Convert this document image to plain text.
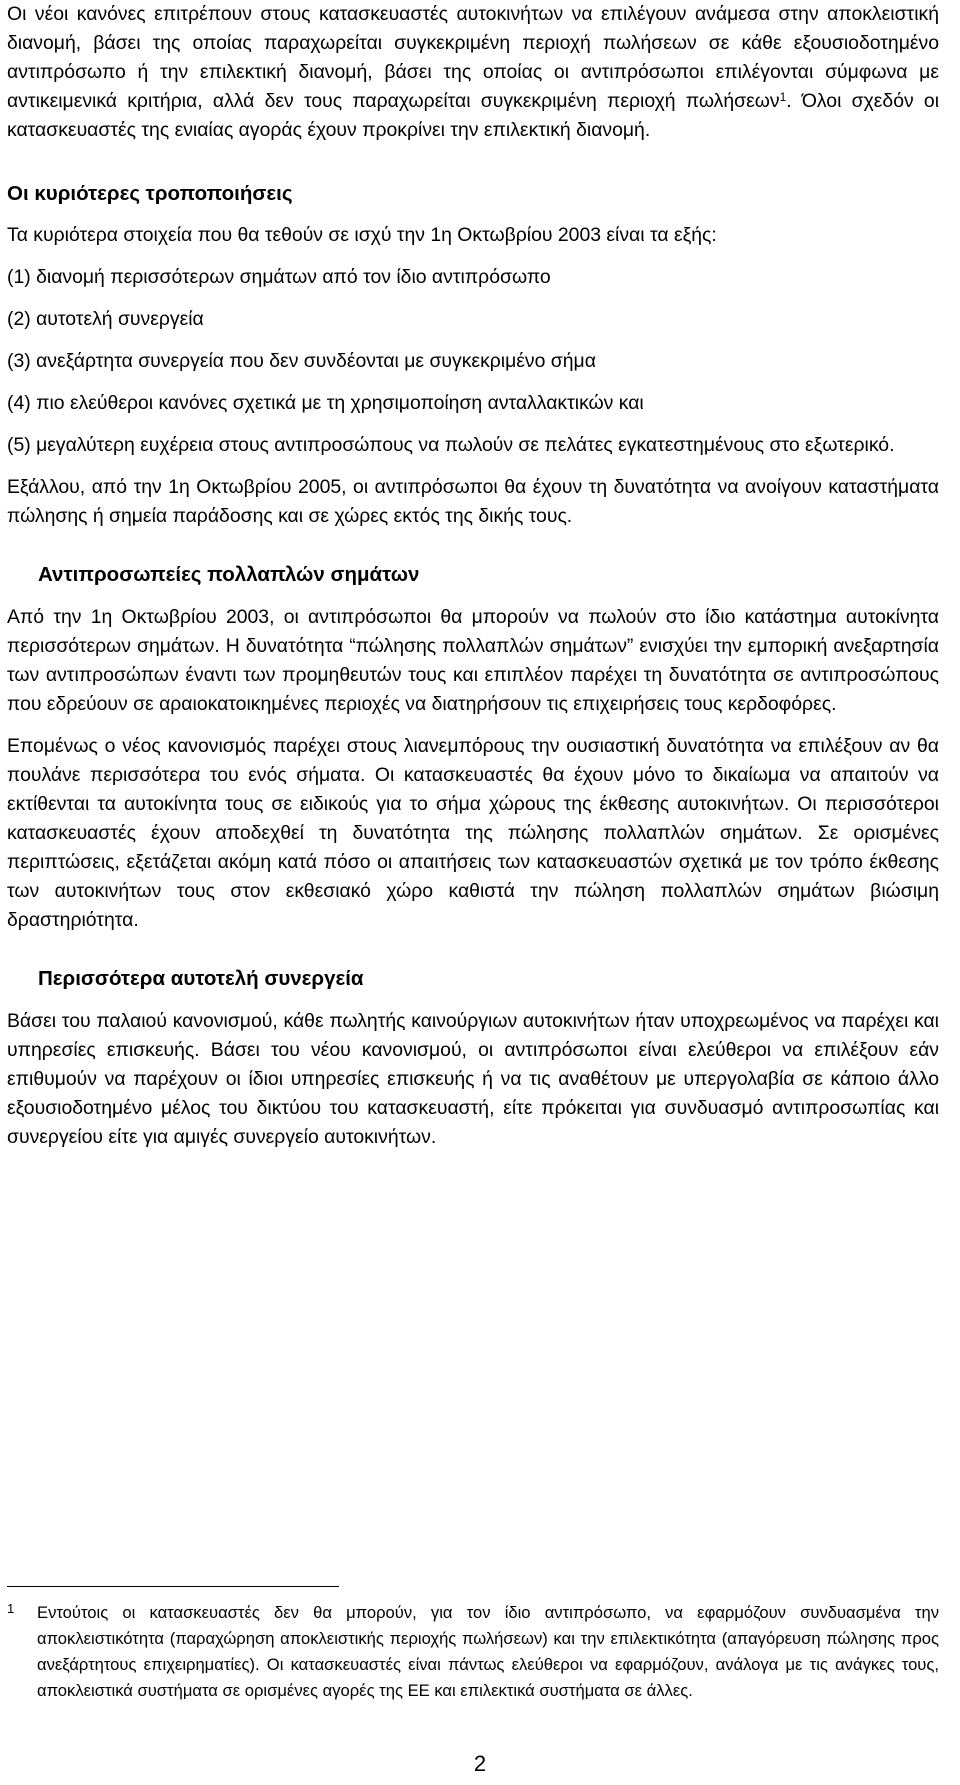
Οι νέοι κανόνες επιτρέπουν στους κατασκευαστές αυτοκινήτων να επιλέγουν ανάμεσα στην αποκλειστική διανομή, βάσει της οποίας παραχωρείται συγκεκριμένη περιοχή πωλήσεων σε κάθε εξουσιοδοτημένο αντιπρόσωπο ή την επιλεκτική διανομή, βάσει της οποίας οι αντιπρόσωποι επιλέγονται σύμφωνα με αντικειμενικά κριτήρια, αλλά δεν τους παραχωρείται συγκεκριμένη περιοχή πωλήσεων$^1$. Όλοι σχεδόν οι κατασκευαστές της ενιαίας αγοράς έχουν προκρίνει την επιλεκτική διανομή.

Οι κυριότερες τροποποιήσεις

Τα κυριότερα στοιχεία που θα τεθούν σε ισχύ την 1η Οκτωβρίου 2003 είναι τα εξής:

(1) διανομή περισσότερων σημάτων από τον ίδιο αντιπρόσωπο

(2) αυτοτελή συνεργεία

(3) ανεξάρτητα συνεργεία που δεν συνδέονται με συγκεκριμένο σήμα

(4) πιο ελεύθεροι κανόνες σχετικά με τη χρησιμοποίηση ανταλλακτικών και

(5) μεγαλύτερη ευχέρεια στους αντιπροσώπους να πωλούν σε πελάτες εγκατεστημένους στο εξωτερικό.

Εξάλλου, από την 1η Οκτωβρίου 2005, οι αντιπρόσωποι θα έχουν τη δυνατότητα να ανοίγουν καταστήματα πώλησης ή σημεία παράδοσης και σε χώρες εκτός της δικής τους.

Αντιπροσωπείες πολλαπλών σημάτων

Από την 1η Οκτωβρίου 2003, οι αντιπρόσωποι θα μπορούν να πωλούν στο ίδιο κατάστημα αυτοκίνητα περισσότερων σημάτων. Η δυνατότητα “πώλησης πολλαπλών σημάτων” ενισχύει την εμπορική ανεξαρτησία των αντιπροσώπων έναντι των προμηθευτών τους και επιπλέον παρέχει τη δυνατότητα σε αντιπροσώπους που εδρεύουν σε αραιοκατοικημένες περιοχές να διατηρήσουν τις επιχειρήσεις τους κερδοφόρες.

Επομένως ο νέος κανονισμός παρέχει στους λιανεμπόρους την ουσιαστική δυνατότητα να επιλέξουν αν θα πουλάνε περισσότερα του ενός σήματα. Οι κατασκευαστές θα έχουν μόνο το δικαίωμα να απαιτούν να εκτίθενται τα αυτοκίνητα τους σε ειδικούς για το σήμα χώρους της έκθεσης αυτοκινήτων. Οι περισσότεροι κατασκευαστές έχουν αποδεχθεί τη δυνατότητα της πώλησης πολλαπλών σημάτων. Σε ορισμένες περιπτώσεις, εξετάζεται ακόμη κατά πόσο οι απαιτήσεις των κατασκευαστών σχετικά με τον τρόπο έκθεσης των αυτοκινήτων τους στον εκθεσιακό χώρο καθιστά την πώληση πολλαπλών σημάτων βιώσιμη δραστηριότητα.

Περισσότερα αυτοτελή συνεργεία

Βάσει του παλαιού κανονισμού, κάθε πωλητής καινούργιων αυτοκινήτων ήταν υποχρεωμένος να παρέχει και υπηρεσίες επισκευής. Βάσει του νέου κανονισμού, οι αντιπρόσωποι είναι ελεύθεροι να επιλέξουν εάν επιθυμούν να παρέχουν οι ίδιοι υπηρεσίες επισκευής ή να τις αναθέτουν με υπεργολαβία σε κάποιο άλλο εξουσιοδοτημένο μέλος του δικτύου του κατασκευαστή, είτε πρόκειται για συνδυασμό αντιπροσωπίας και συνεργείου είτε για αμιγές συνεργείο αυτοκινήτων.

1 Εντούτοις οι κατασκευαστές δεν θα μπορούν, για τον ίδιο αντιπρόσωπο, να εφαρμόζουν συνδυασμένα την αποκλειστικότητα (παραχώρηση αποκλειστικής περιοχής πωλήσεων) και την επιλεκτικότητα (απαγόρευση πώλησης προς ανεξάρτητους επιχειρηματίες). Οι κατασκευαστές είναι πάντως ελεύθεροι να εφαρμόζουν, ανάλογα με τις ανάγκες τους, αποκλειστικά συστήματα σε ορισμένες αγορές της ΕΕ και επιλεκτικά συστήματα σε άλλες.

2
